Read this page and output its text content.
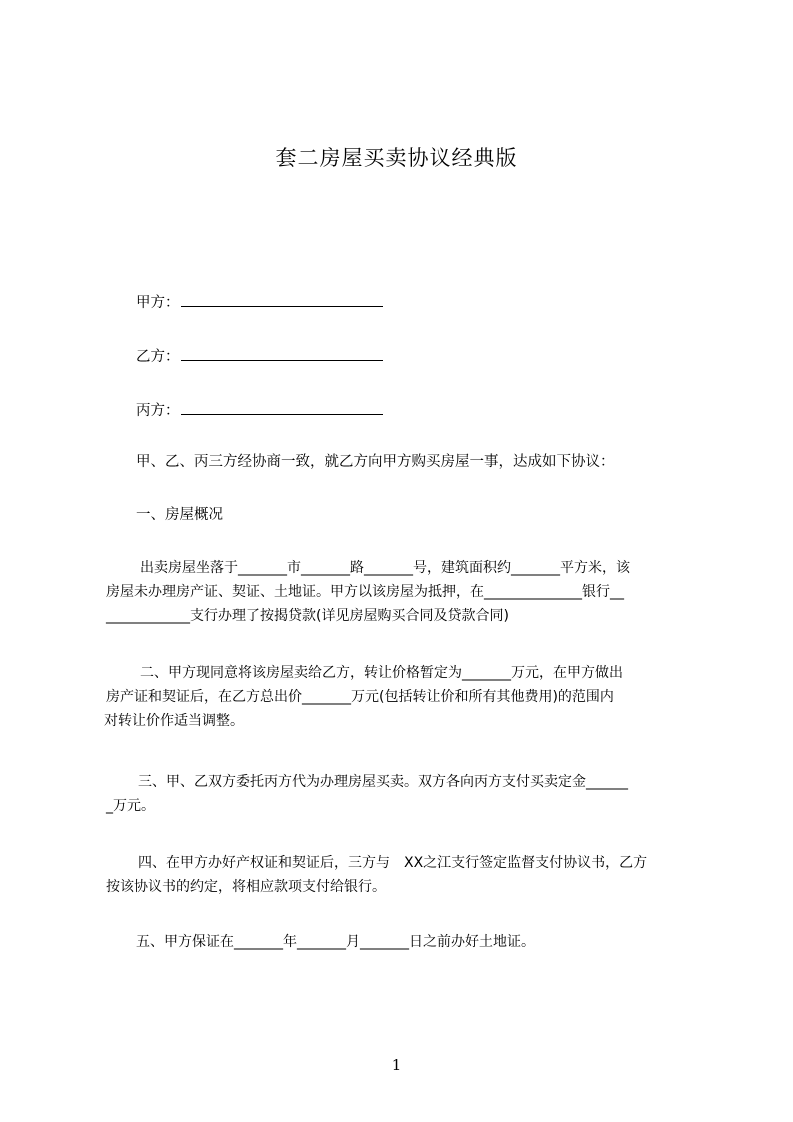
套二房屋买卖协议经典版
甲方：
乙方：
丙方：
甲、乙、丙三方经协商一致，就乙方向甲方购买房屋一事，达成如下协议：
一、房屋概况
出卖房屋坐落于_______市_______路_______号，建筑面积约_______平方米，该
房屋未办理房产证、契证、土地证。甲方以该房屋为抵押，在______________银行__
____________支行办理了按揭贷款(详见房屋购买合同及贷款合同)
二、甲方现同意将该房屋卖给乙方，转让价格暂定为_______万元，在甲方做出
房产证和契证后，在乙方总出价_______万元(包括转让价和所有其他费用)的范围内
对转让价作适当调整。
三、甲、乙双方委托丙方代为办理房屋买卖。双方各向丙方支付买卖定金______
_万元。
四、在甲方办好产权证和契证后，三方与　XX之江支行签定监督支付协议书，乙方
按该协议书的约定，将相应款项支付给银行。
五、甲方保证在_______年_______月_______日之前办好土地证。
1
